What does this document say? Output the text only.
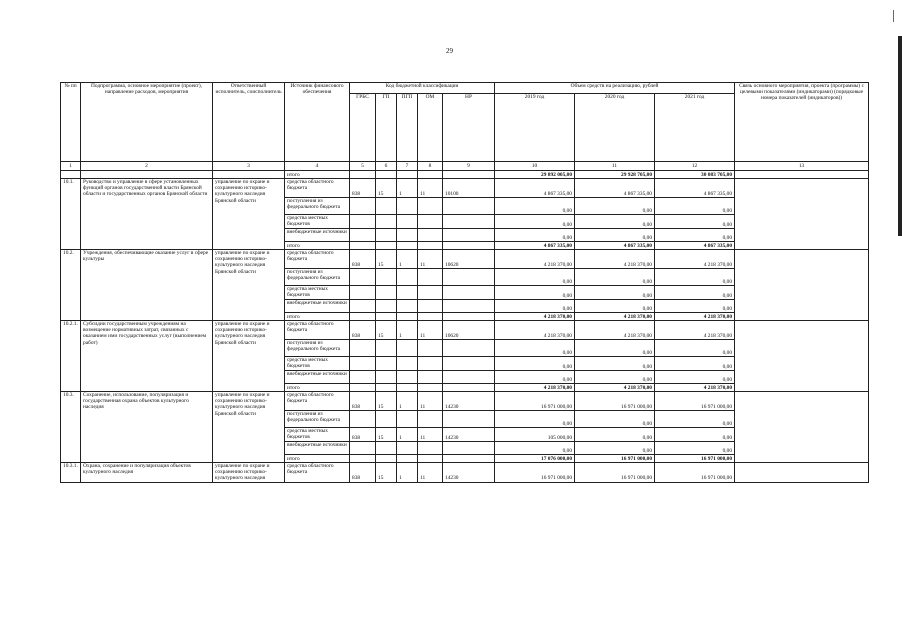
29
№ пп	Подпрограмма, основное мероприятие (проект), направление расходов, мероприятия	Ответственный исполнитель, соисполнитель	Источник финансового обеспечения	Код бюджетной классификации					Объем средств на реализацию, рублей			Связь основного мероприятия, проекта (программы) с целевыми показателями (индикаторами) (порядковые номера показателей (индикаторов))
				ГРБС	ГП	ПГП	ОМ	НР	2019 год	2020 год	2021 год	
1	2	3	4	5	6	7	8	9	10	11	12	13
			итого						29 892 005,00	29 928 705,00	30 083 705,00	
10.1.	Руководство и управление в сфере установленных функций органов государственной власти Брянской области и государственных органов Брянской области	управление по охране и сохранению историко-культурного наследия Брянской области	средства областного бюджета	838	15	1	11	10100	4 867 335,00	4 867 335,00	4 867 335,00	
			поступления из федерального бюджета						0,00	0,00	0,00	
			средства местных бюджетов						0,00	0,00	0,00	
			внебюджетные источники						0,00	0,00	0,00	
			итого						4 867 335,00	4 867 335,00	4 867 335,00	
10.2.	Учреждения, обеспечивающие оказание услуг в сфере культуры	управление по охране и сохранению историко-культурного наследия Брянской области	средства областного бюджета	838	15	1	11	10620	4 218 370,00	4 218 370,00	4 218 370,00	
			поступления из федерального бюджета						0,00	0,00	0,00	
			средства местных бюджетов						0,00	0,00	0,00	
			внебюджетные источники						0,00	0,00	0,00	
			итого						4 218 370,00	4 218 370,00	4 218 370,00	
10.2.1.	Субсидии государственным учреждениям на возмещение нормативных затрат, связанных с оказанием ими государственных услуг (выполнением работ)	управление по охране и сохранению историко-культурного наследия Брянской области	средства областного бюджета	838	15	1	11	10620	4 218 370,00	4 218 370,00	4 218 370,00	
			поступления из федерального бюджета						0,00	0,00	0,00	
			средства местных бюджетов						0,00	0,00	0,00	
			внебюджетные источники						0,00	0,00	0,00	
			итого						4 218 370,00	4 218 370,00	4 218 370,00	
10.3.	Сохранение, использование, популяризация и государственная охрана объектов культурного наследия	управление по охране и сохранению историко-культурного наследия Брянской области	средства областного бюджета	838	15	1	11	14230	16 971 000,00	16 971 000,00	16 971 000,00	
			поступления из федерального бюджета						0,00	0,00	0,00	
			средства местных бюджетов	838	15	1	11	14230	105 000,00	0,00	0,00	
			внебюджетные источники						0,00	0,00	0,00	
			итого						17 076 000,00	16 971 000,00	16 971 000,00	
10.3.1.	Охрана, сохранение и популяризация объектов культурного наследия	управление по охране и сохранению историко-культурного наследия	средства областного бюджета	838	15	1	11	14230	16 971 000,00	16 971 000,00	16 971 000,00	
